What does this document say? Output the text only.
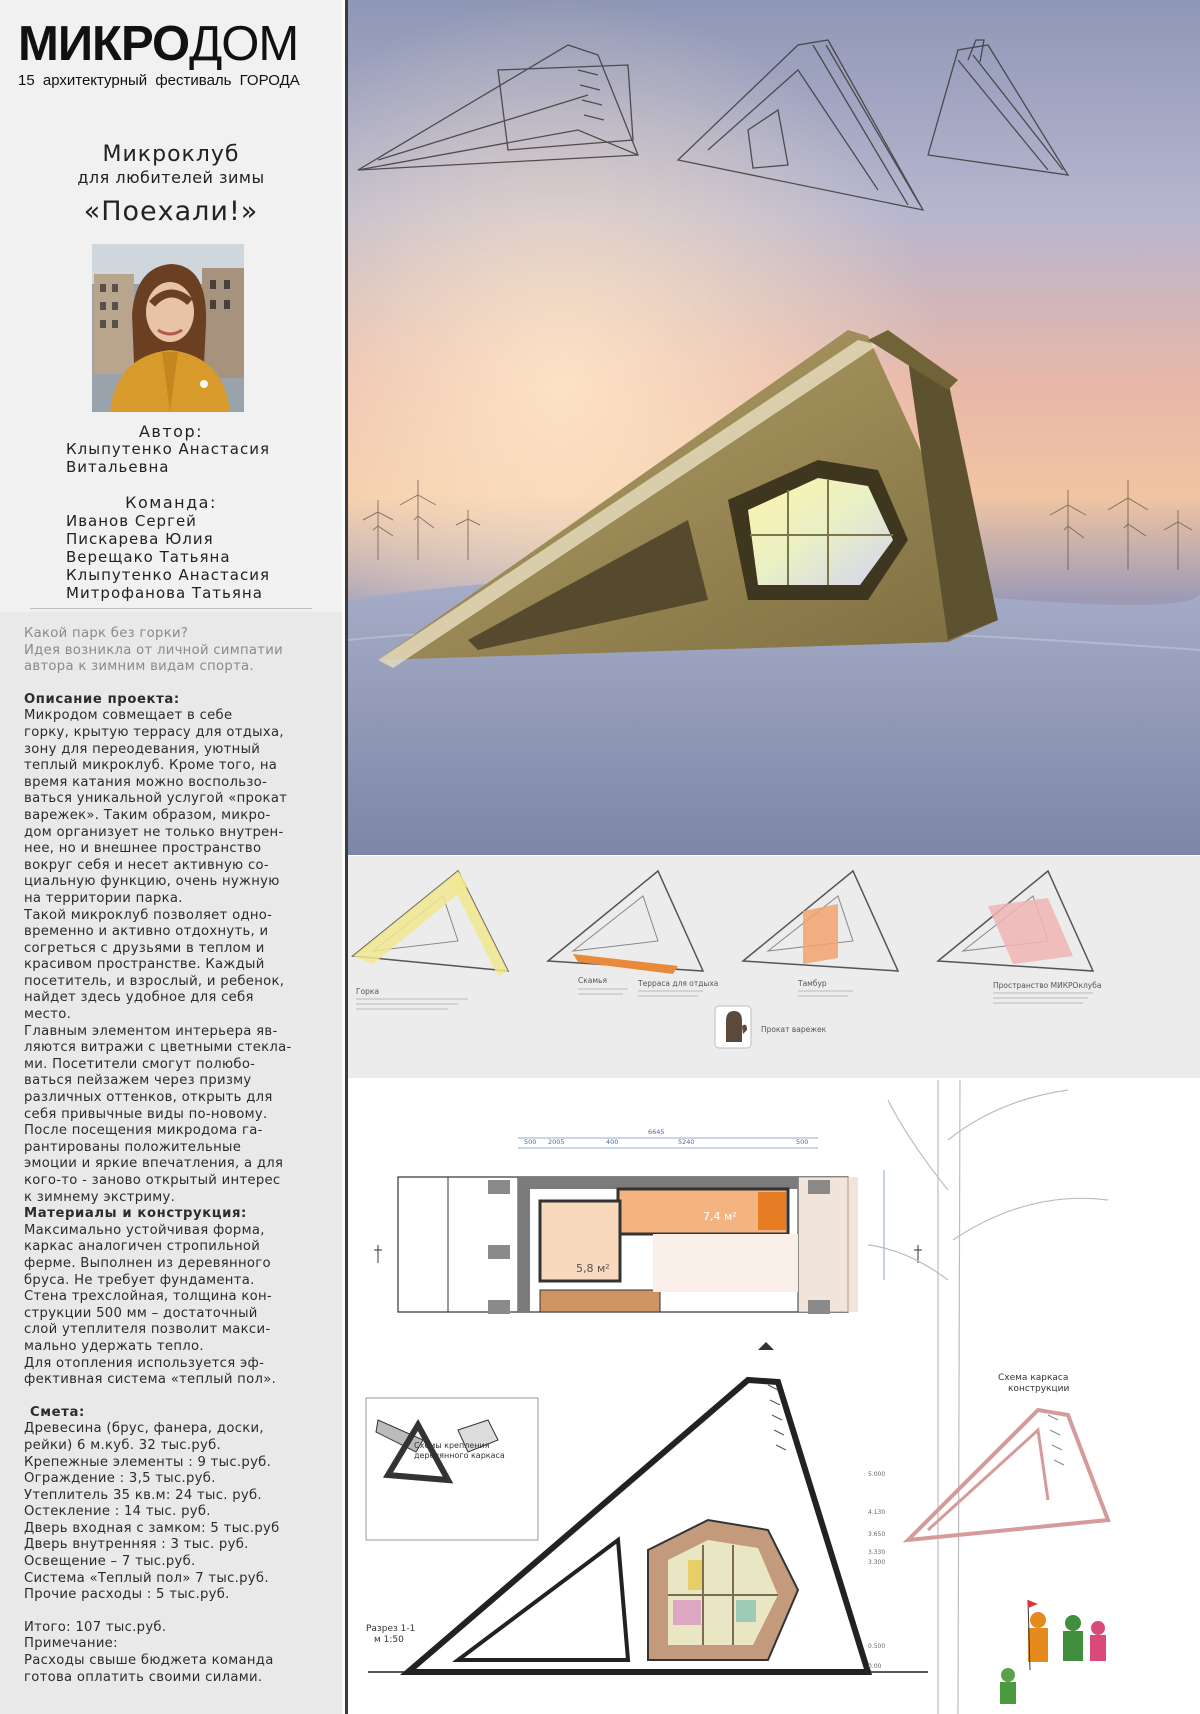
МИКРОДОМ
15 архитектурный фестиваль ГОРОДА
Микроклуб
для любителей зимы
«Поехали!»
Автор:
Клыпутенко Анастасия
Витальевна
Команда:
Иванов Сергей
Пискарева Юлия
Верещако Татьяна
Клыпутенко Анастасия
Митрофанова Татьяна

Какой парк без горки?

Идея возникла от личной симпатии

автора к зимним видам спорта.

Описание проекта:

Микродом совмещает в себе

горку, крытую террасу для отдыха,

зону для переодевания, уютный

теплый микроклуб. Кроме того, на

время катания можно воспользо-

ваться уникальной услугой «прокат

варежек». Таким образом, микро-

дом организует не только внутрен-

нее, но и внешнее пространство

вокруг себя и несет активную со-

циальную функцию, очень нужную

на территории парка.

Такой микроклуб позволяет одно-

временно и активно отдохнуть, и

согреться с друзьями в теплом и

красивом пространстве. Каждый

посетитель, и взрослый, и ребенок,

найдет здесь удобное для себя

место.

Главным элементом интерьера яв-

ляются витражи с цветными стекла-

ми. Посетители смогут полюбо-

ваться пейзажем через призму

различных оттенков, открыть для

себя привычные виды по-новому.

После посещения микродома га-

рантированы положительные

эмоции и яркие впечатления, а для

кого-то - заново открытый интерес

к зимнему экстриму.

Материалы и конструкция:

Максимально устойчивая форма,

каркас аналогичен стропильной

ферме. Выполнен из деревянного

бруса. Не требует фундамента.

Стена трехслойная, толщина кон-

струкции 500 мм – достаточный

слой утеплителя позволит макси-

мально удержать тепло.

Для отопления используется эф-

фективная система «теплый пол».

Смета:

Древесина (брус, фанера, доски,

рейки) 6 м.куб. 32 тыс.руб.

Крепежные элементы : 9 тыс.руб.

Ограждение : 3,5 тыс.руб.

Утеплитель 35 кв.м: 24 тыс. руб.

Остекление : 14 тыс. руб.

Дверь входная с замком: 5 тыс.руб

Дверь внутренняя : 3 тыс. руб.

Освещение – 7 тыс.руб.

Система «Теплый пол» 7 тыс.руб.

Прочие расходы : 5 тыс.руб.

Итого: 107 тыс.руб.

Примечание:

Расходы свыше бюджета команда

готова оплатить своими силами.

Горка
Скамья	Терраса для отдыха	Тамбур
Прокат варежек
Пространство МИКРОклуба
6645
5240	500
2005	400
500
7,4 м²
5,8 м²
Схемы крепления
деревянного каркаса
Схема каркаса
конструкции
Разрез 1-1
м 1:50
5.000
4.130
3.650
3.330
3.300
0.500
0.00
